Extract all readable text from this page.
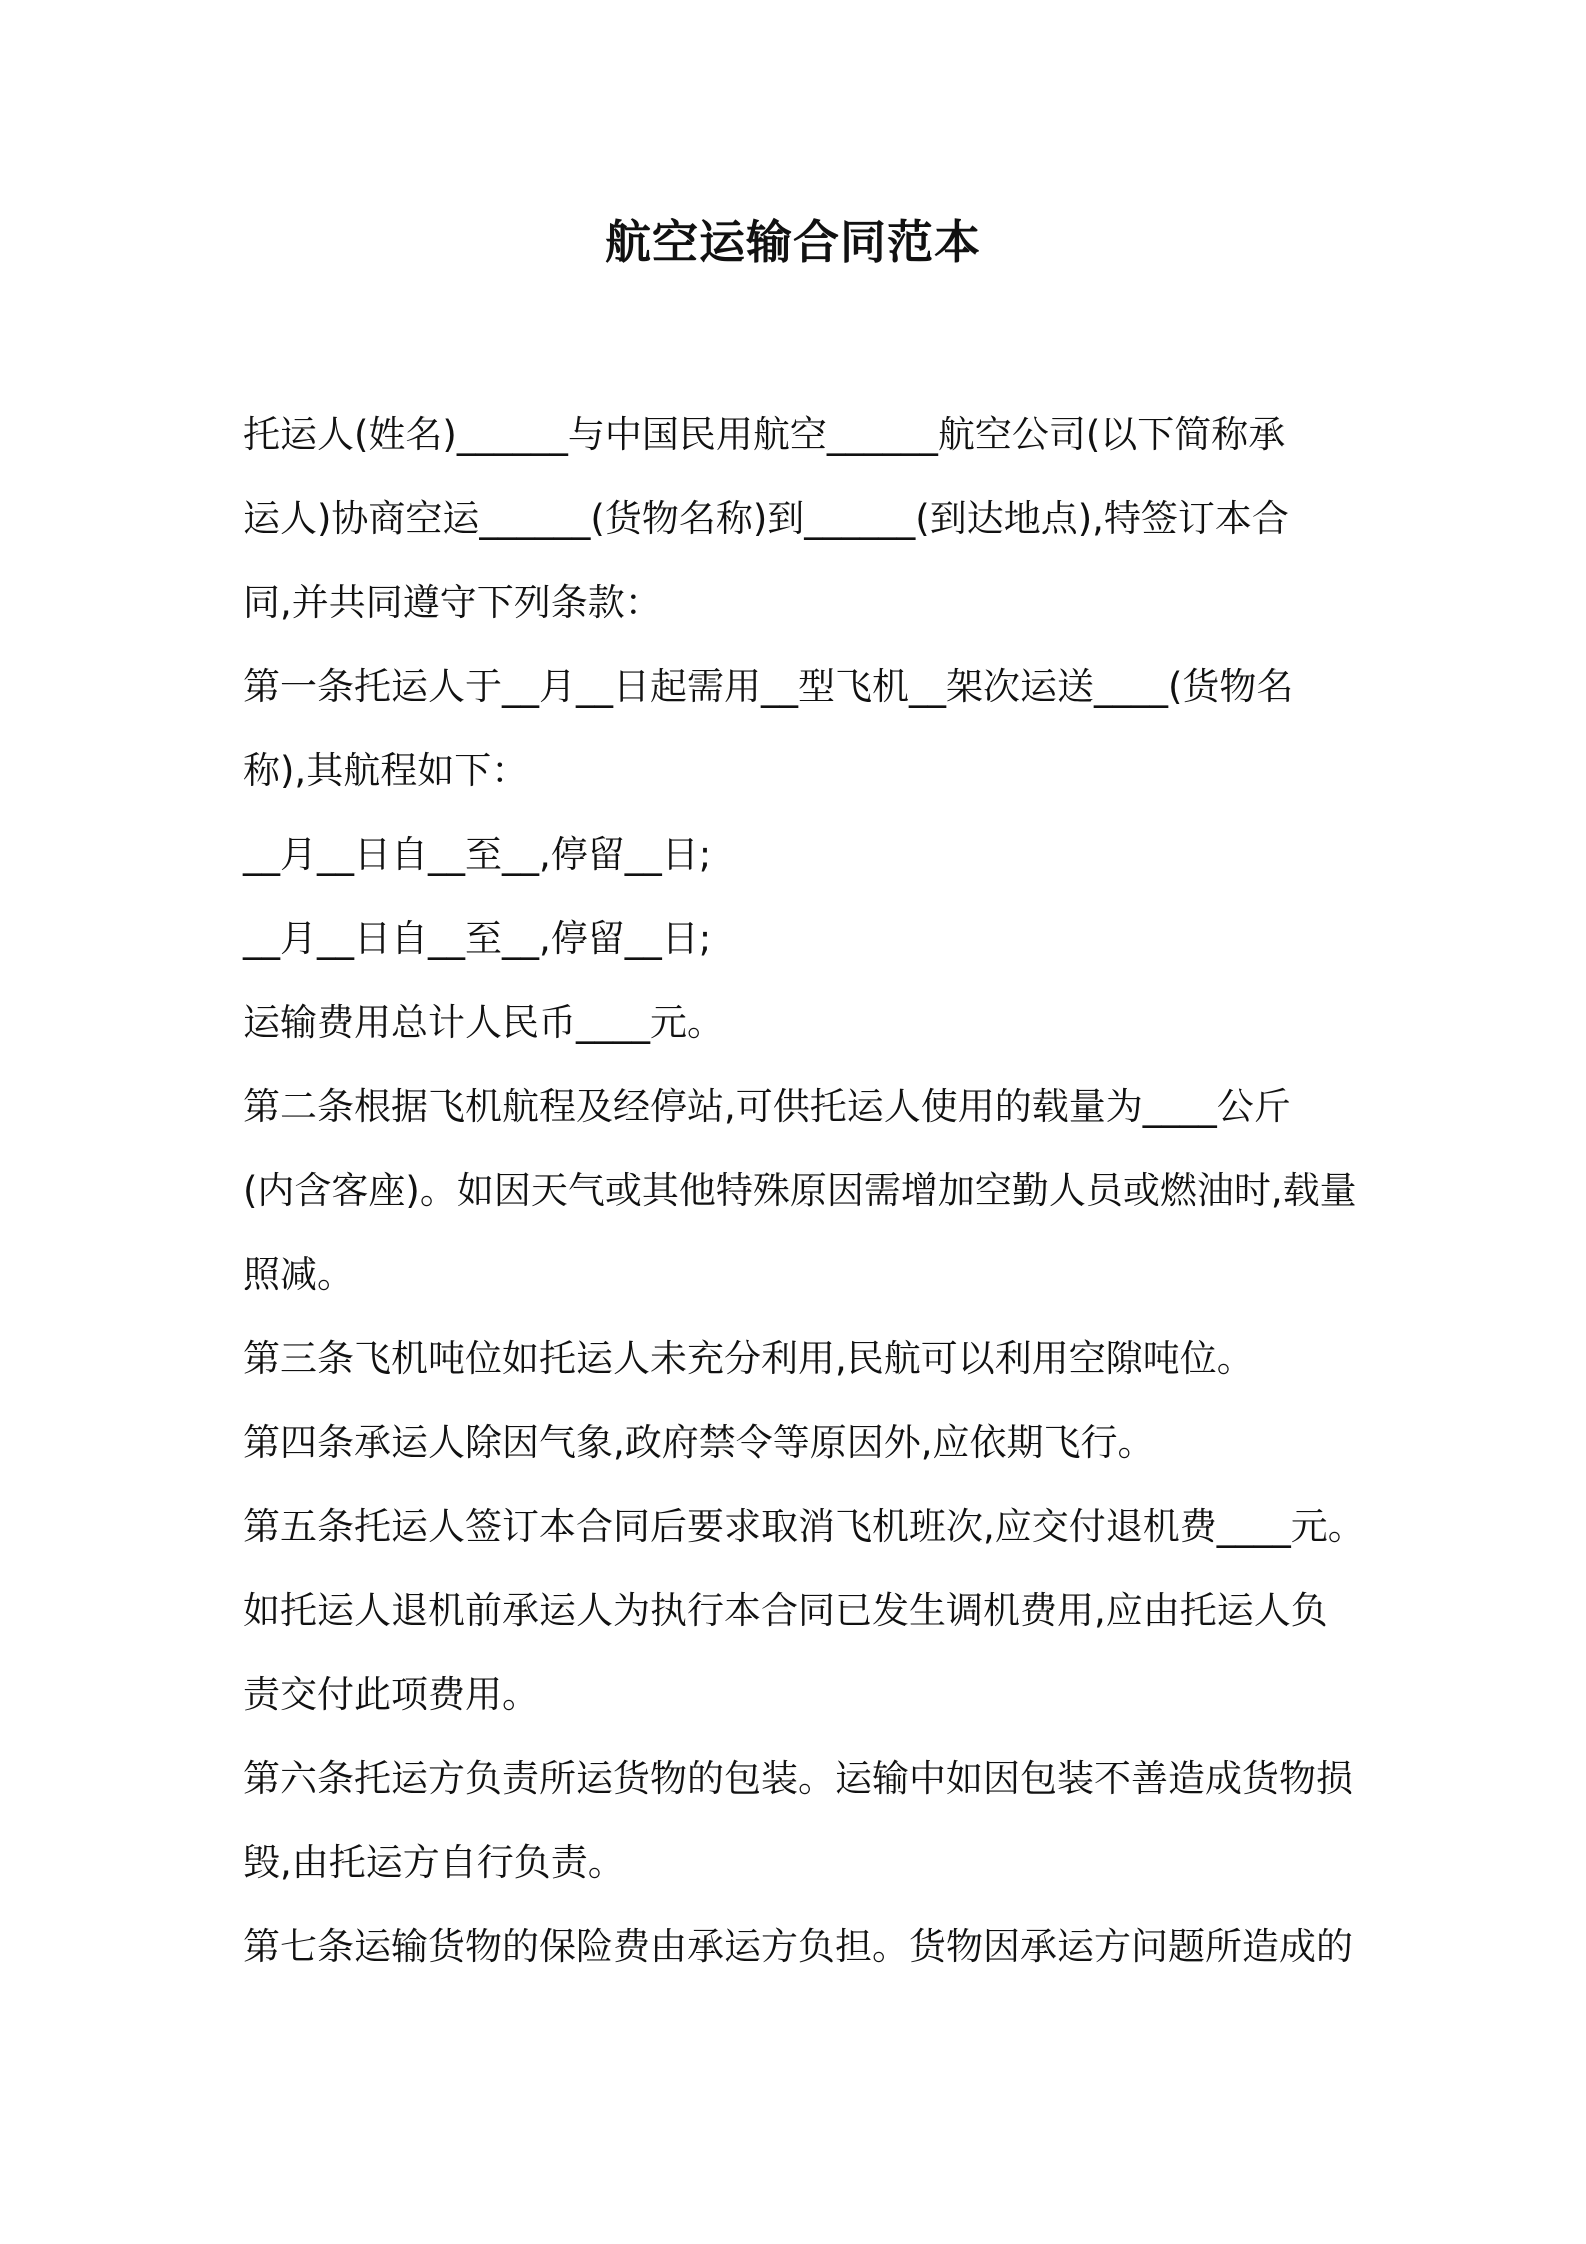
航空运输合同范本

托运人(姓名)______与中国民用航空______航空公司(以下简称承

运人)协商空运______(货物名称)到______(到达地点),特签订本合

同,并共同遵守下列条款：

第一条托运人于__月__日起需用__型飞机__架次运送____(货物名

称),其航程如下：

__月__日自__至__,停留__日;

__月__日自__至__,停留__日;

运输费用总计人民币____元。

第二条根据飞机航程及经停站,可供托运人使用的载量为____公斤

(内含客座)。如因天气或其他特殊原因需增加空勤人员或燃油时,载量

照减。

第三条飞机吨位如托运人未充分利用,民航可以利用空隙吨位。

第四条承运人除因气象,政府禁令等原因外,应依期飞行。

第五条托运人签订本合同后要求取消飞机班次,应交付退机费____元。

如托运人退机前承运人为执行本合同已发生调机费用,应由托运人负

责交付此项费用。

第六条托运方负责所运货物的包装。运输中如因包装不善造成货物损

毁,由托运方自行负责。

第七条运输货物的保险费由承运方负担。货物因承运方问题所造成的
